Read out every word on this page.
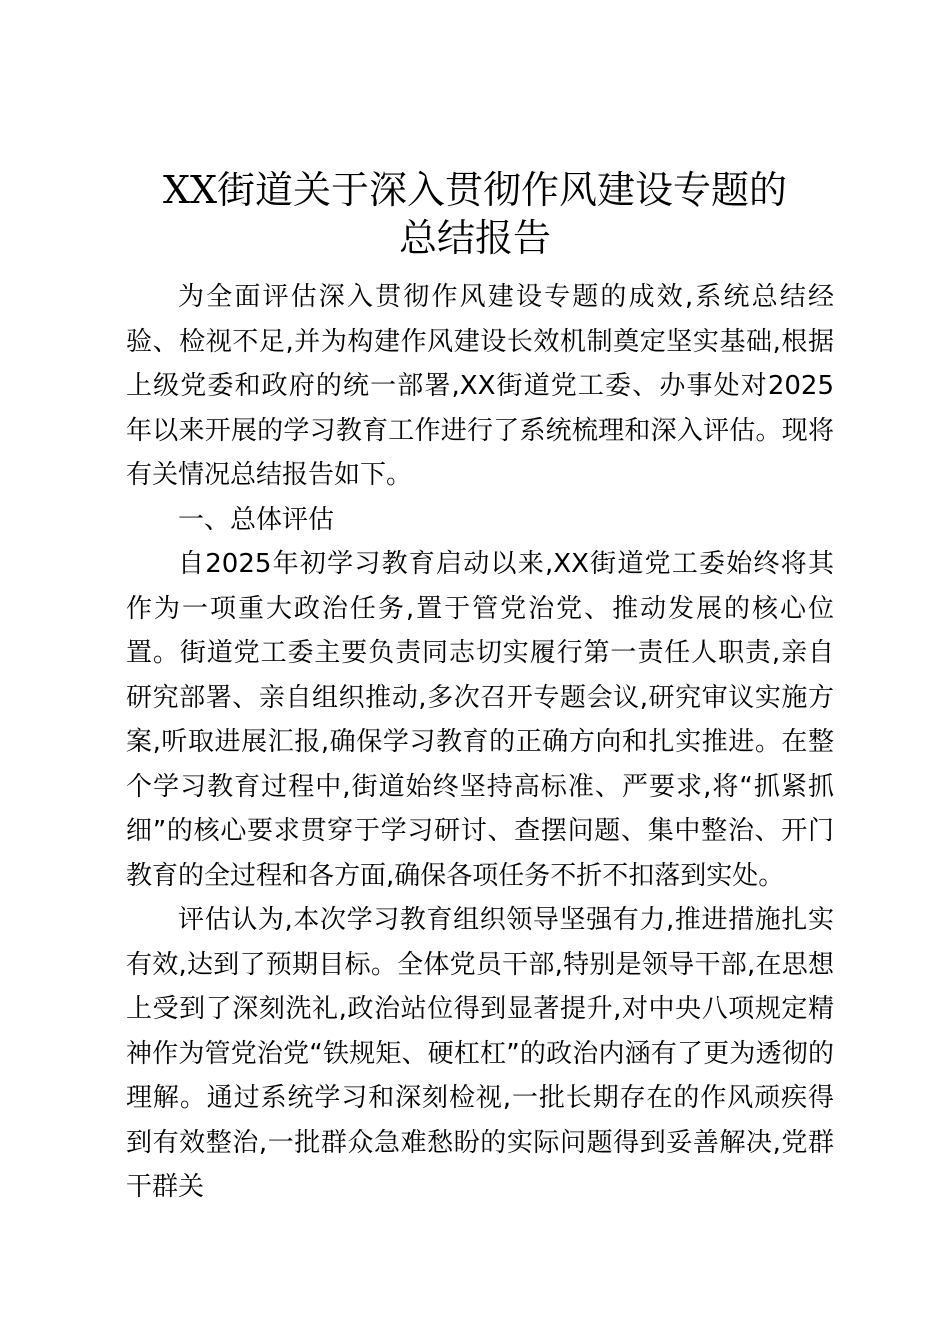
XX街道关于深入贯彻作风建设专题的
总结报告

为全面评估深入贯彻作风建设专题的成效,系统总结经验、检视不足,并为构建作风建设长效机制奠定坚实基础,根据上级党委和政府的统一部署,XX街道党工委、办事处对2025年以来开展的学习教育工作进行了系统梳理和深入评估。现将有关情况总结报告如下。

一、总体评估

自2025年初学习教育启动以来,XX街道党工委始终将其作为一项重大政治任务,置于管党治党、推动发展的核心位置。街道党工委主要负责同志切实履行第一责任人职责,亲自研究部署、亲自组织推动,多次召开专题会议,研究审议实施方案,听取进展汇报,确保学习教育的正确方向和扎实推进。在整个学习教育过程中,街道始终坚持高标准、严要求,将“抓紧抓细”的核心要求贯穿于学习研讨、查摆问题、集中整治、开门教育的全过程和各方面,确保各项任务不折不扣落到实处。

评估认为,本次学习教育组织领导坚强有力,推进措施扎实有效,达到了预期目标。全体党员干部,特别是领导干部,在思想上受到了深刻洗礼,政治站位得到显著提升,对中央八项规定精神作为管党治党“铁规矩、硬杠杠”的政治内涵有了更为透彻的理解。通过系统学习和深刻检视,一批长期存在的作风顽疾得到有效整治,一批群众急难愁盼的实际问题得到妥善解决,党群干群关
